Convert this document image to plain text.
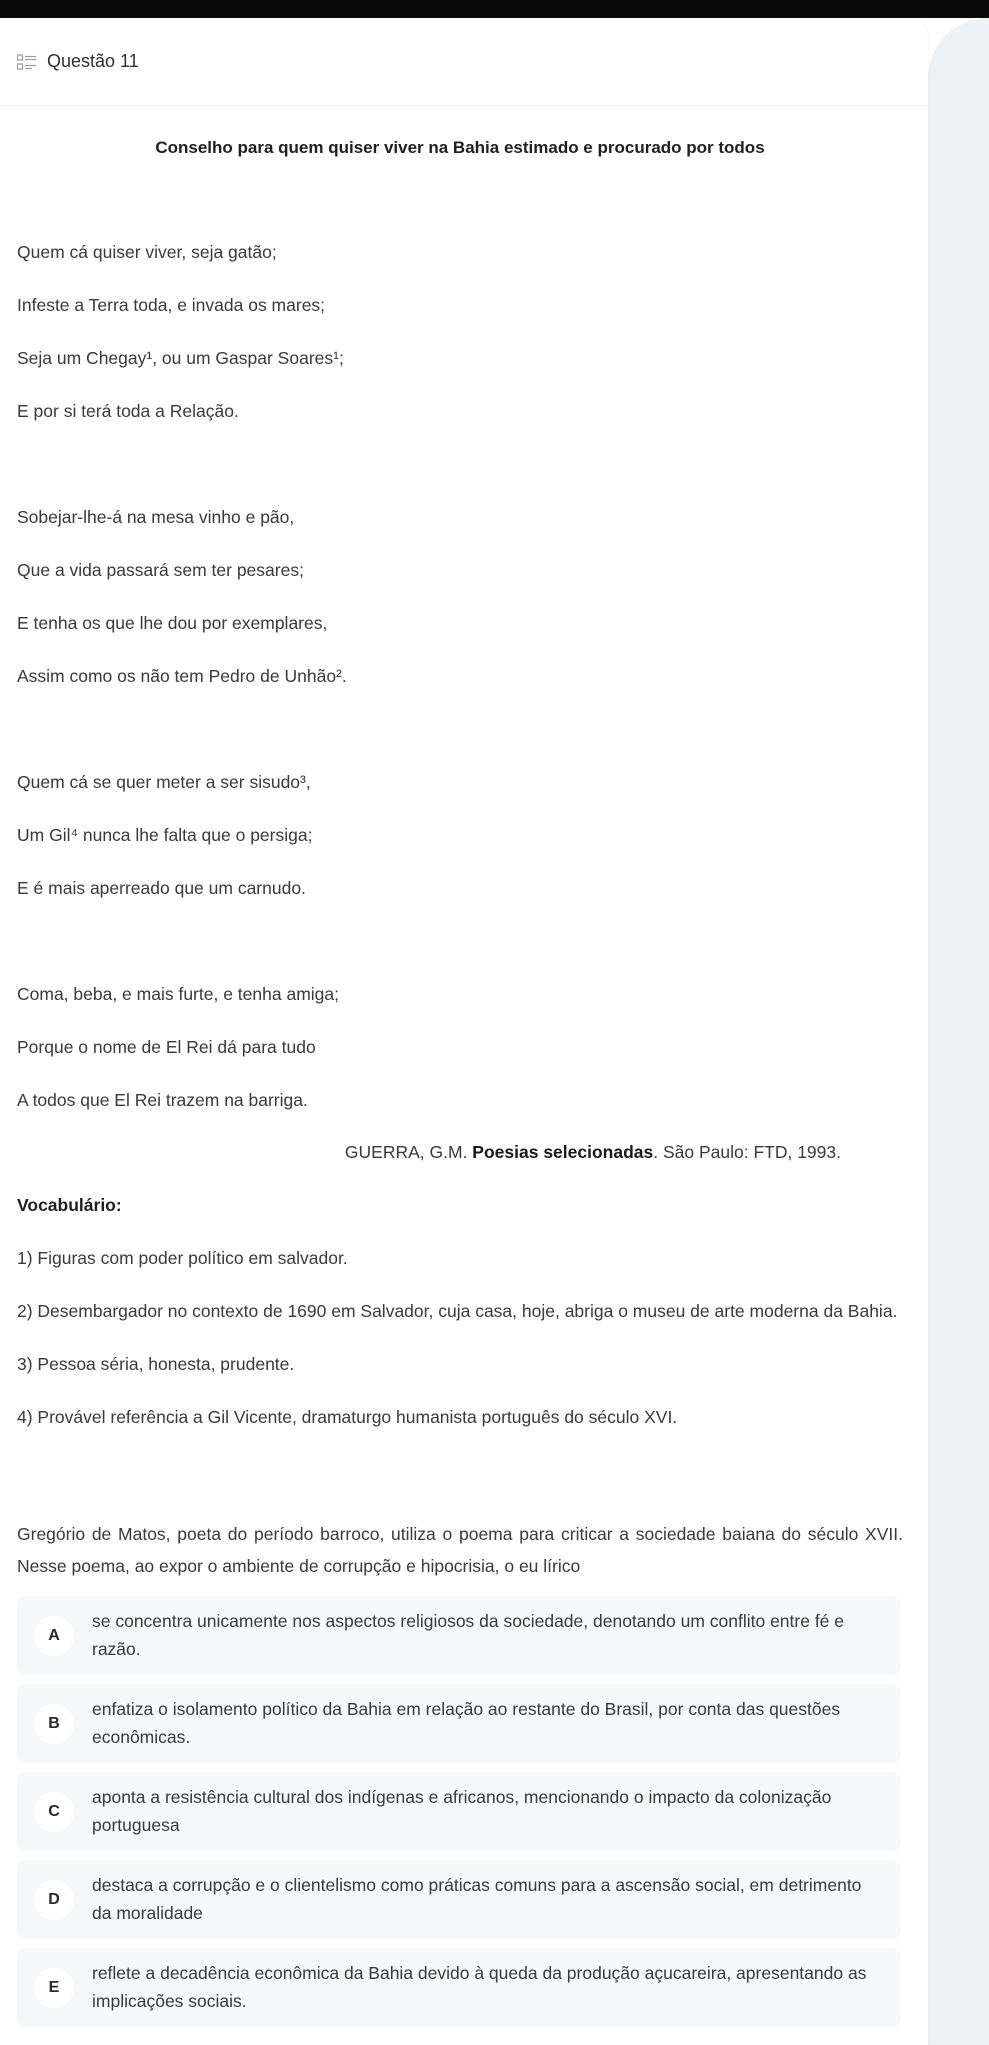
Questão 11
Conselho para quem quiser viver na Bahia estimado e procurado por todos
Quem cá quiser viver, seja gatão;
Infeste a Terra toda, e invada os mares;
Seja um Chegay¹, ou um Gaspar Soares¹;
E por si terá toda a Relação.
Sobejar-lhe-á na mesa vinho e pão,
Que a vida passará sem ter pesares;
E tenha os que lhe dou por exemplares,
Assim como os não tem Pedro de Unhão².
Quem cá se quer meter a ser sisudo³,
Um Gil⁴ nunca lhe falta que o persiga;
E é mais aperreado que um carnudo.
Coma, beba, e mais furte, e tenha amiga;
Porque o nome de El Rei dá para tudo
A todos que El Rei trazem na barriga.
GUERRA, G.M. Poesias selecionadas. São Paulo: FTD, 1993.
Vocabulário:
1) Figuras com poder político em salvador.
2) Desembargador no contexto de 1690 em Salvador, cuja casa, hoje, abriga o museu de arte moderna da Bahia.
3) Pessoa séria, honesta, prudente.
4) Provável referência a Gil Vicente, dramaturgo humanista português do século XVI.
Gregório de Matos, poeta do período barroco, utiliza o poema para criticar a sociedade baiana do século XVII. Nesse poema, ao expor o ambiente de corrupção e hipocrisia, o eu lírico
A
se concentra unicamente nos aspectos religiosos da sociedade, denotando um conflito entre fé e razão.
B
enfatiza o isolamento político da Bahia em relação ao restante do Brasil, por conta das questões econômicas.
C
aponta a resistência cultural dos indígenas e africanos, mencionando o impacto da colonização portuguesa
D
destaca a corrupção e o clientelismo como práticas comuns para a ascensão social, em detrimento da moralidade
E
reflete a decadência econômica da Bahia devido à queda da produção açucareira, apresentando as implicações sociais.
